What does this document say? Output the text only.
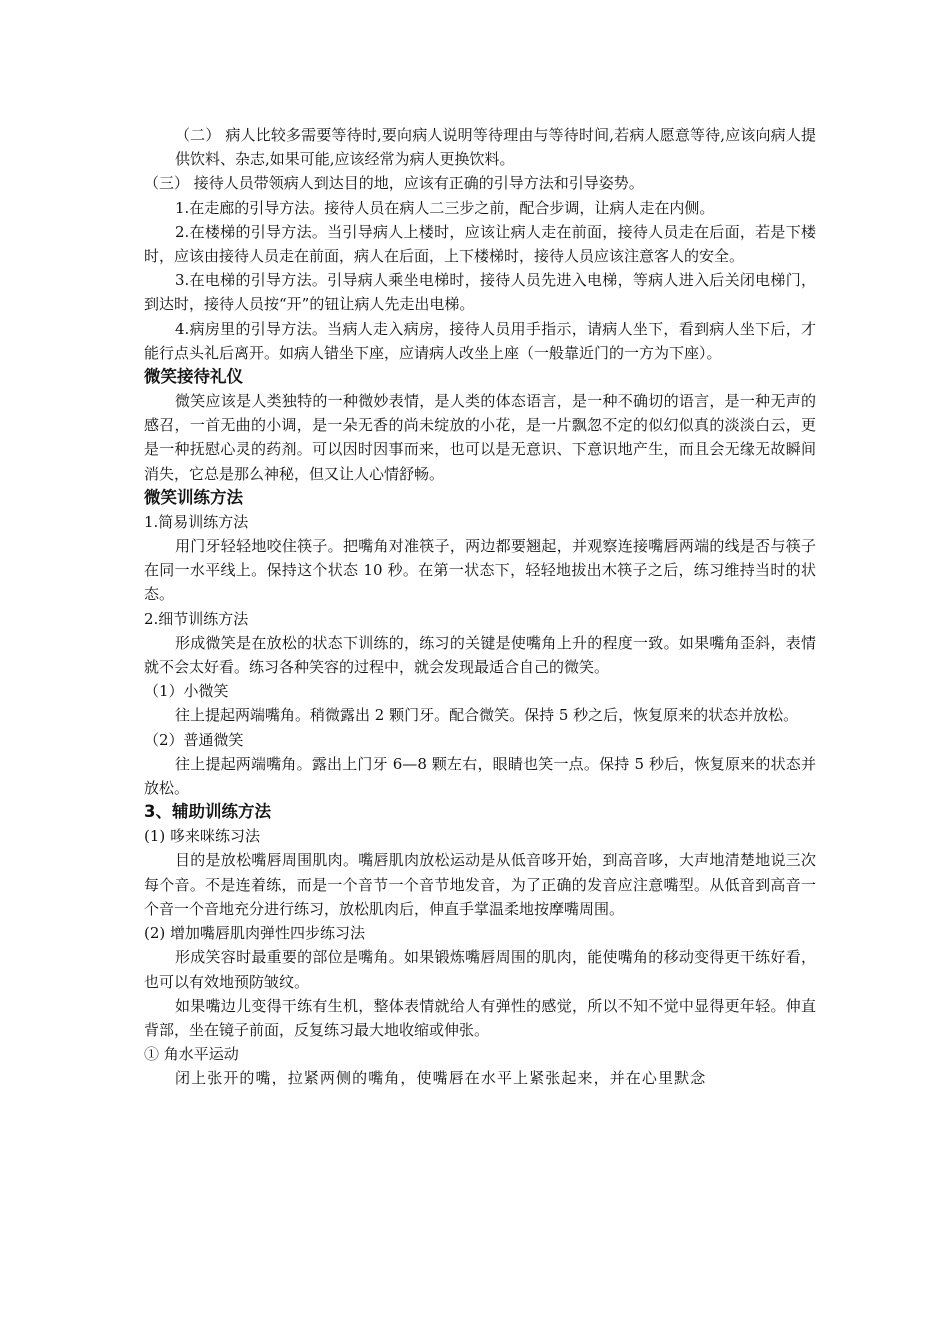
（二） 病人比较多需要等待时,要向病人说明等待理由与等待时间,若病人愿意等待,应该向病人提供饮料、杂志,如果可能,应该经常为病人更换饮料。

（三） 接待人员带领病人到达目的地，应该有正确的引导方法和引导姿势。

1.在走廊的引导方法。接待人员在病人二三步之前，配合步调，让病人走在内侧。

2.在楼梯的引导方法。当引导病人上楼时，应该让病人走在前面，接待人员走在后面，若是下楼时，应该由接待人员走在前面，病人在后面，上下楼梯时，接待人员应该注意客人的安全。

3.在电梯的引导方法。引导病人乘坐电梯时，接待人员先进入电梯，等病人进入后关闭电梯门，到达时，接待人员按“开”的钮让病人先走出电梯。

4.病房里的引导方法。当病人走入病房，接待人员用手指示，请病人坐下，看到病人坐下后，才能行点头礼后离开。如病人错坐下座，应请病人改坐上座（一般靠近门的一方为下座）。

微笑接待礼仪

微笑应该是人类独特的一种微妙表情，是人类的体态语言，是一种不确切的语言，是一种无声的感召，一首无曲的小调，是一朵无香的尚未绽放的小花，是一片飘忽不定的似幻似真的淡淡白云，更是一种抚慰心灵的药剂。可以因时因事而来，也可以是无意识、下意识地产生，而且会无缘无故瞬间消失，它总是那么神秘，但又让人心情舒畅。

微笑训练方法

1.简易训练方法

用门牙轻轻地咬住筷子。把嘴角对准筷子，两边都要翘起，并观察连接嘴唇两端的线是否与筷子在同一水平线上。保持这个状态 10 秒。在第一状态下，轻轻地拔出木筷子之后，练习维持当时的状态。

2.细节训练方法

形成微笑是在放松的状态下训练的，练习的关键是使嘴角上升的程度一致。如果嘴角歪斜，表情就不会太好看。练习各种笑容的过程中，就会发现最适合自己的微笑。

（1）小微笑

往上提起两端嘴角。稍微露出 2 颗门牙。配合微笑。保持 5 秒之后，恢复原来的状态并放松。

（2）普通微笑

往上提起两端嘴角。露出上门牙 6—8 颗左右，眼睛也笑一点。保持 5 秒后，恢复原来的状态并放松。

3、辅助训练方法

(1) 哆来咪练习法

目的是放松嘴唇周围肌肉。嘴唇肌肉放松运动是从低音哆开始，到高音哆，大声地清楚地说三次每个音。不是连着练，而是一个音节一个音节地发音，为了正确的发音应注意嘴型。从低音到高音一个音一个音地充分进行练习，放松肌肉后，伸直手掌温柔地按摩嘴周围。

(2) 增加嘴唇肌肉弹性四步练习法

形成笑容时最重要的部位是嘴角。如果锻炼嘴唇周围的肌肉，能使嘴角的移动变得更干练好看，也可以有效地预防皱纹。

如果嘴边儿变得干练有生机，整体表情就给人有弹性的感觉，所以不知不觉中显得更年轻。伸直背部，坐在镜子前面，反复练习最大地收缩或伸张。

① 角水平运动

闭上张开的嘴，拉紧两侧的嘴角，使嘴唇在水平上紧张起来，并在心里默念
